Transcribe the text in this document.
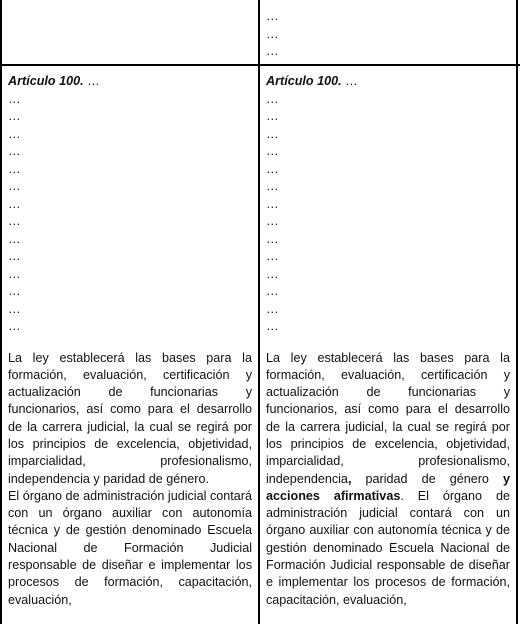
…
…
…
Artículo 100. …
…
…
…
…
…
…
…
…
…
…
…
…
…
…
La ley establecerá las bases para la formación, evaluación, certificación y actualización de funcionarias y funcionarios, así como para el desarrollo de la carrera judicial, la cual se regirá por los principios de excelencia, objetividad, imparcialidad, profesionalismo, independencia y paridad de género.
El órgano de administración judicial contará con un órgano auxiliar con autonomía técnica y de gestión denominado Escuela Nacional de Formación Judicial responsable de diseñar e implementar los procesos de formación, capacitación, evaluación,
Artículo 100. …
…
…
…
…
…
…
…
…
…
…
…
…
…
…
La ley establecerá las bases para la formación, evaluación, certificación y actualización de funcionarias y funcionarios, así como para el desarrollo de la carrera judicial, la cual se regirá por los principios de excelencia, objetividad, imparcialidad, profesionalismo, independencia, paridad de género y acciones afirmativas. El órgano de administración judicial contará con un órgano auxiliar con autonomía técnica y de gestión denominado Escuela Nacional de Formación Judicial responsable de diseñar e implementar los procesos de formación, capacitación, evaluación,
